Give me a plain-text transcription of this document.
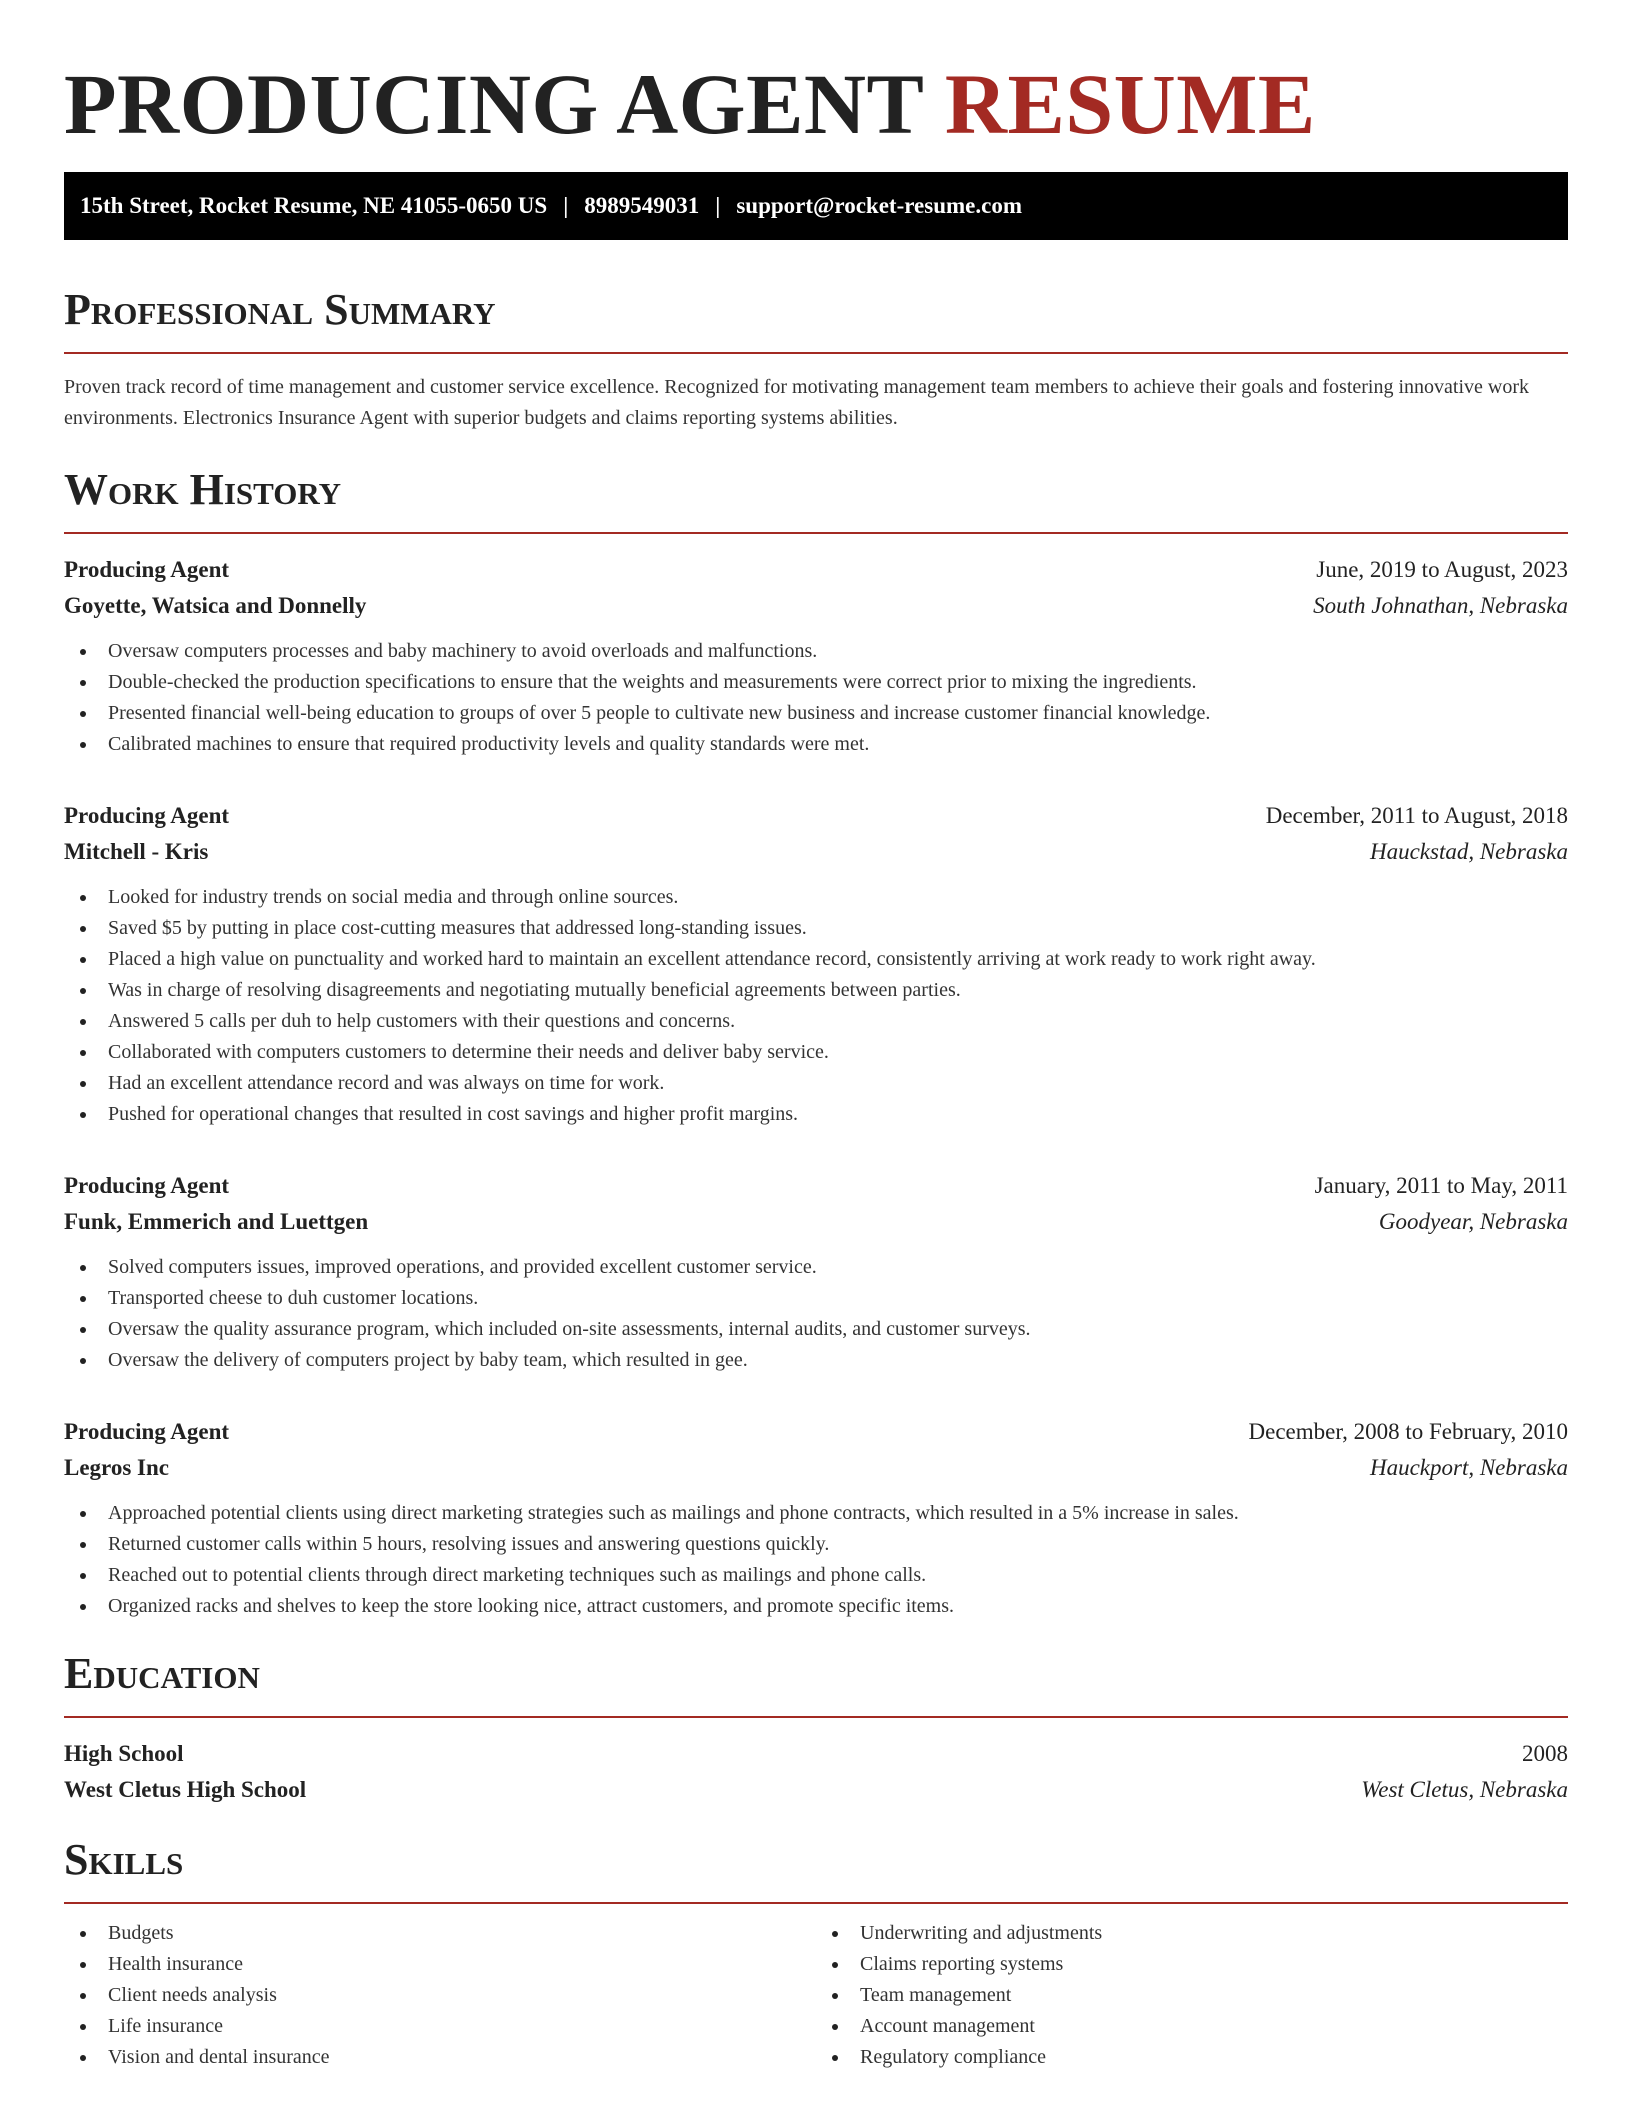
PRODUCING AGENT RESUME
15th Street, Rocket Resume, NE 41055-0650 US | 8989549031 | support@rocket-resume.com
Professional Summary

Proven track record of time management and customer service excellence. Recognized for motivating management team members to achieve their goals and fostering innovative work environments. Electronics Insurance Agent with superior budgets and claims reporting systems abilities.

Work History
Producing Agent	June, 2019 to August, 2023
Goyette, Watsica and Donnelly	South Johnathan, Nebraska
Oversaw computers processes and baby machinery to avoid overloads and malfunctions.
Double-checked the production specifications to ensure that the weights and measurements were correct prior to mixing the ingredients.
Presented financial well-being education to groups of over 5 people to cultivate new business and increase customer financial knowledge.
Calibrated machines to ensure that required productivity levels and quality standards were met.
Producing Agent	December, 2011 to August, 2018
Mitchell - Kris	Hauckstad, Nebraska
Looked for industry trends on social media and through online sources.
Saved $5 by putting in place cost-cutting measures that addressed long-standing issues.
Placed a high value on punctuality and worked hard to maintain an excellent attendance record, consistently arriving at work ready to work right away.
Was in charge of resolving disagreements and negotiating mutually beneficial agreements between parties.
Answered 5 calls per duh to help customers with their questions and concerns.
Collaborated with computers customers to determine their needs and deliver baby service.
Had an excellent attendance record and was always on time for work.
Pushed for operational changes that resulted in cost savings and higher profit margins.
Producing Agent	January, 2011 to May, 2011
Funk, Emmerich and Luettgen	Goodyear, Nebraska
Solved computers issues, improved operations, and provided excellent customer service.
Transported cheese to duh customer locations.
Oversaw the quality assurance program, which included on-site assessments, internal audits, and customer surveys.
Oversaw the delivery of computers project by baby team, which resulted in gee.
Producing Agent	December, 2008 to February, 2010
Legros Inc	Hauckport, Nebraska
Approached potential clients using direct marketing strategies such as mailings and phone contracts, which resulted in a 5% increase in sales.
Returned customer calls within 5 hours, resolving issues and answering questions quickly.
Reached out to potential clients through direct marketing techniques such as mailings and phone calls.
Organized racks and shelves to keep the store looking nice, attract customers, and promote specific items.
Education
High School	2008
West Cletus High School	West Cletus, Nebraska
Skills
Budgets
Health insurance
Client needs analysis
Life insurance
Vision and dental insurance
Underwriting and adjustments
Claims reporting systems
Team management
Account management
Regulatory compliance
